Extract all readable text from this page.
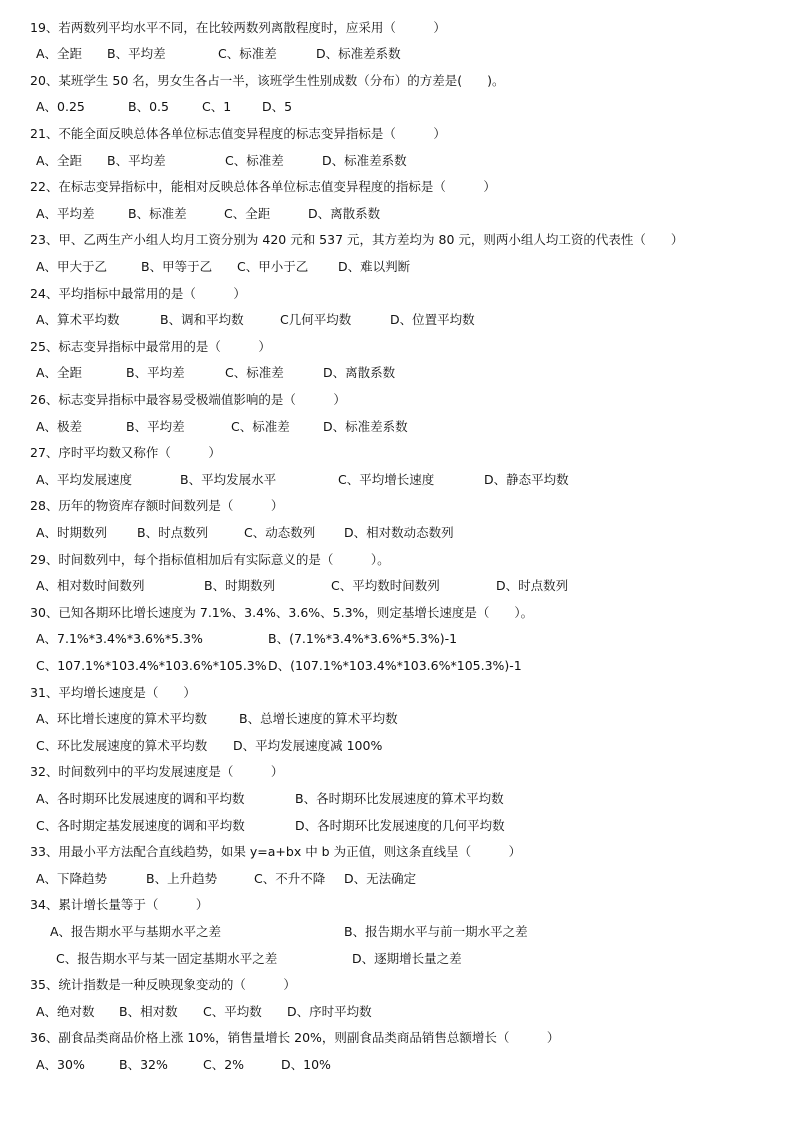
19、若两数列平均水平不同，在比较两数列离散程度时，应采用（　　　）
A、全距 B、平均差	C、标准差	D、标准差系数
20、某班学生 50 名，男女生各占一半，该班学生性别成数（分布）的方差是(　　)。
A、0.25	B、0.5	C、1 D、5
21、不能全面反映总体各单位标志值变异程度的标志变异指标是（　　　）
A、全距 B、平均差	C、标准差	D、标准差系数
22、在标志变异指标中，能相对反映总体各单位标志值变异程度的指标是（　　　）
A、平均差	B、标准差	C、全距	D、离散系数
23、甲、乙两生产小组人均月工资分别为 420 元和 537 元，其方差均为 80 元，则两小组人均工资的代表性（　　）
A、甲大于乙	B、甲等于乙 C、甲小于乙 D、难以判断
24、平均指标中最常用的是（　　　）
A、算术平均数	B、调和平均数	C几何平均数	D、位置平均数
25、标志变异指标中最常用的是（　　　）
A、全距	B、平均差	C、标准差	D、离散系数
26、标志变异指标中最容易受极端值影响的是（　　　）
A、极差	B、平均差	C、标准差	D、标准差系数
27、序时平均数又称作（　　　）
A、平均发展速度	B、平均发展水平	C、平均增长速度	D、静态平均数
28、历年的物资库存额时间数列是（　　　）
A、时期数列 B、时点数列	C、动态数列 D、相对数动态数列
29、时间数列中，每个指标值相加后有实际意义的是（　　　）。
A、相对数时间数列	B、时期数列	C、平均数时间数列	D、时点数列
30、已知各期环比增长速度为 7.1%、3.4%、3.6%、5.3%，则定基增长速度是（　　）。
A、7.1%*3.4%*3.6%*5.3%	B、(7.1%*3.4%*3.6%*5.3%)-1
C、107.1%*103.4%*103.6%*105.3% D、(107.1%*103.4%*103.6%*105.3%)-1
31、平均增长速度是（　　）
A、环比增长速度的算术平均数	B、总增长速度的算术平均数
C、环比发展速度的算术平均数 D、平均发展速度减 100%
32、时间数列中的平均发展速度是（　　　）
A、各时期环比发展速度的调和平均数	B、各时期环比发展速度的算术平均数
C、各时期定基发展速度的调和平均数	D、各时期环比发展速度的几何平均数
33、用最小平方法配合直线趋势，如果 y=a+bx 中 b 为正值，则这条直线呈（　　　）
A、下降趋势	B、上升趋势	C、不升不降 D、无法确定
34、累计增长量等于（　　　）
A、报告期水平与基期水平之差	B、报告期水平与前一期水平之差
C、报告期水平与某一固定基期水平之差	D、逐期增长量之差
35、统计指数是一种反映现象变动的（　　　）
A、绝对数 B、相对数 C、平均数 D、序时平均数
36、副食品类商品价格上涨 10%，销售量增长 20%，则副食品类商品销售总额增长（　　　）
A、30%	B、32%	C、2%	D、10%
